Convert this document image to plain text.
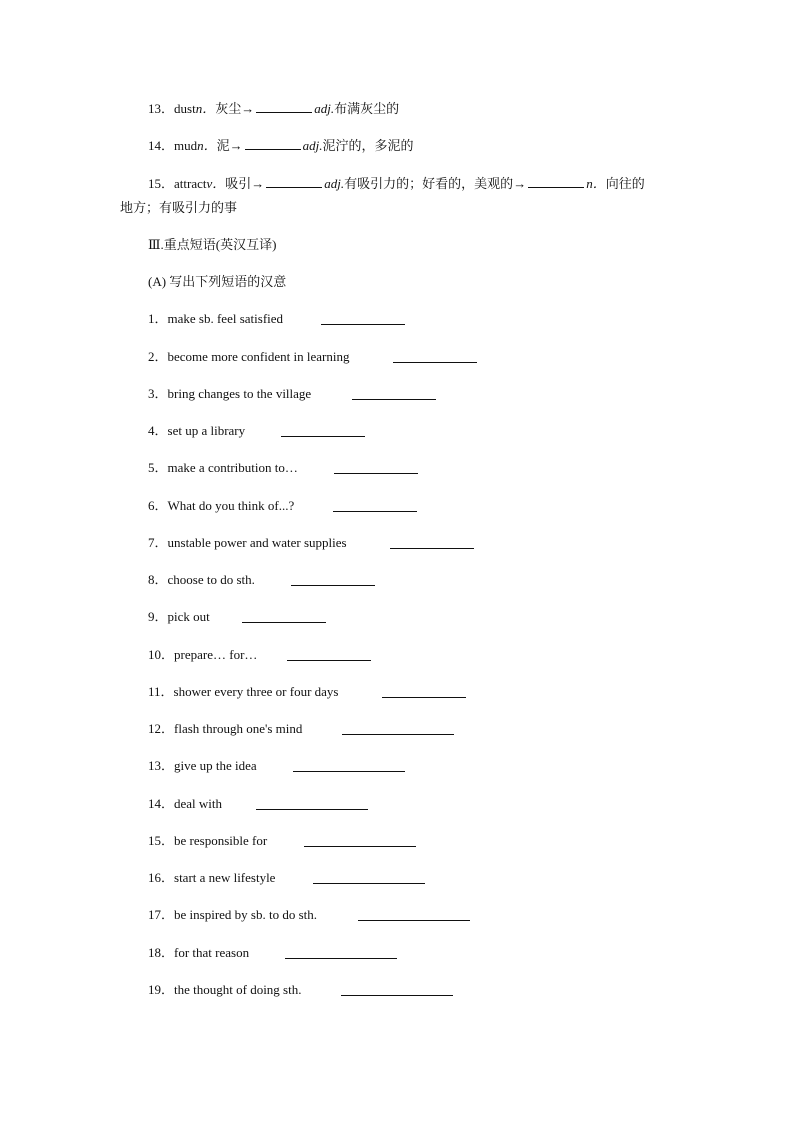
13．dustn．灰尘→	adj.布满灰尘的
14．mudn．泥→	adj.泥泞的，多泥的
15．attractv．吸引→	adj.有吸引力的；好看的，美观的→	n．向往的
地方；有吸引力的事
Ⅲ.重点短语(英汉互译)
(A) 写出下列短语的汉意
1．make sb. feel satisfied
2．become more confident in learning
3．bring changes to the village
4．set up a library
5．make a contribution to…
6．What do you think of...?
7．unstable power and water supplies
8．choose to do sth.
9．pick out
10．prepare… for…
11．shower every three or four days
12．flash through one's mind
13．give up the idea
14．deal with
15．be responsible for
16．start a new lifestyle
17．be inspired by sb. to do sth.
18．for that reason
19．the thought of doing sth.
